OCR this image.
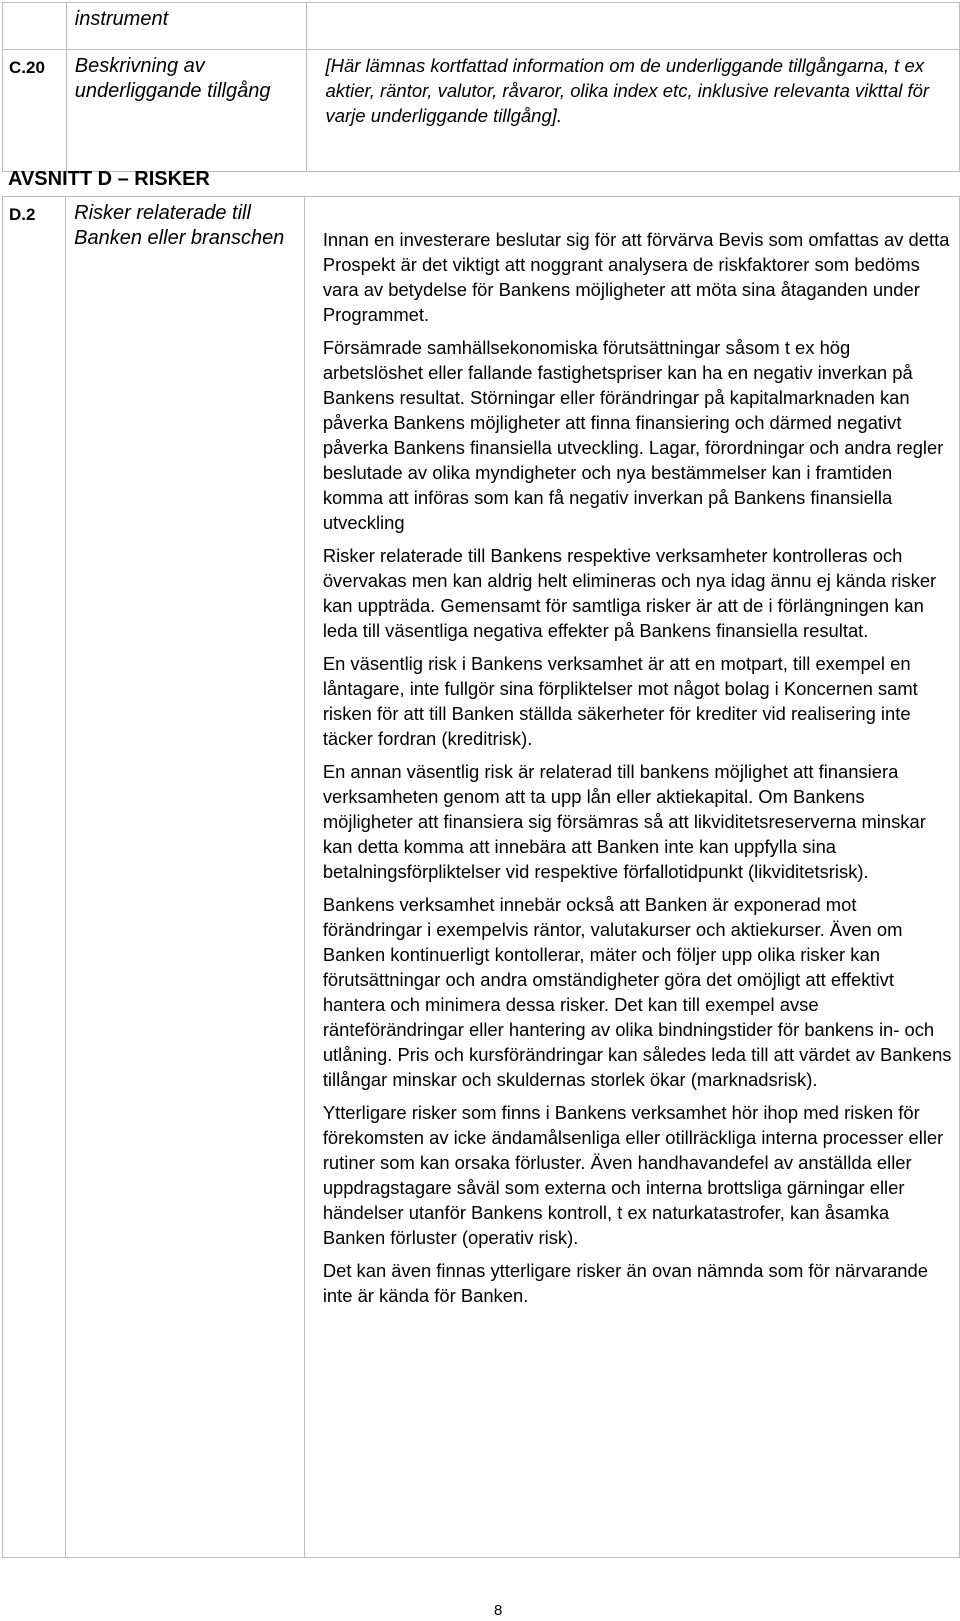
	instrument	
C.20	Beskrivning av underliggande tillgång	[Här lämnas kortfattad information om de underliggande tillgångarna, t ex aktier, räntor, valutor, råvaror, olika index etc, inklusive relevanta vikttal för varje underliggande tillgång].
AVSNITT D – RISKER
D.2	Risker relaterade till Banken eller branschen	Innan en investerare beslutar sig för att förvärva Bevis som omfattas av detta Prospekt är det viktigt att noggrant analysera de riskfaktorer som bedöms vara av betydelse för Bankens möjligheter att möta sina åtaganden under Programmet.

Försämrade samhällsekonomiska förutsättningar såsom t ex hög arbetslöshet eller fallande fastighetspriser kan ha en negativ inverkan på Bankens resultat. Störningar eller förändringar på kapitalmarknaden kan påverka Bankens möjligheter att finna finansiering och därmed negativt påverka Bankens finansiella utveckling. Lagar, förordningar och andra regler beslutade av olika myndigheter och nya bestämmelser kan i framtiden komma att införas som kan få negativ inverkan på Bankens finansiella utveckling

Risker relaterade till Bankens respektive verksamheter kontrolleras och övervakas men kan aldrig helt elimineras och nya idag ännu ej kända risker kan uppträda. Gemensamt för samtliga risker är att de i förlängningen kan leda till väsentliga negativa effekter på Bankens finansiella resultat.

En väsentlig risk i Bankens verksamhet är att en motpart, till exempel en låntagare, inte fullgör sina förpliktelser mot något bolag i Koncernen samt risken för att till Banken ställda säkerheter för krediter vid realisering inte täcker fordran (kreditrisk).

En annan väsentlig risk är relaterad till bankens möjlighet att finansiera verksamheten genom att ta upp lån eller aktiekapital. Om Bankens möjligheter att finansiera sig försämras så att likviditetsreserverna minskar kan detta komma att innebära att Banken inte kan uppfylla sina betalningsförpliktelser vid respektive förfallotidpunkt (likviditetsrisk).

Bankens verksamhet innebär också att Banken är exponerad mot förändringar i exempelvis räntor, valutakurser och aktiekurser. Även om Banken kontinuerligt kontollerar, mäter och följer upp olika risker kan förutsättningar och andra omständigheter göra det omöjligt att effektivt hantera och minimera dessa risker. Det kan till exempel avse ränteförändringar eller hantering av olika bindningstider för bankens in- och utlåning. Pris och kursförändringar kan således leda till att värdet av Bankens tillångar minskar och skuldernas storlek ökar (marknadsrisk).

Ytterligare risker som finns i Bankens verksamhet hör ihop med risken för förekomsten av icke ändamålsenliga eller otillräckliga interna processer eller rutiner som kan orsaka förluster. Även handhavandefel av anställda eller uppdragstagare såväl som externa och interna brottsliga gärningar eller händelser utanför Bankens kontroll, t ex naturkatastrofer, kan åsamka Banken förluster (operativ risk).

Det kan även finnas ytterligare risker än ovan nämnda som för närvarande inte är kända för Banken.

8
